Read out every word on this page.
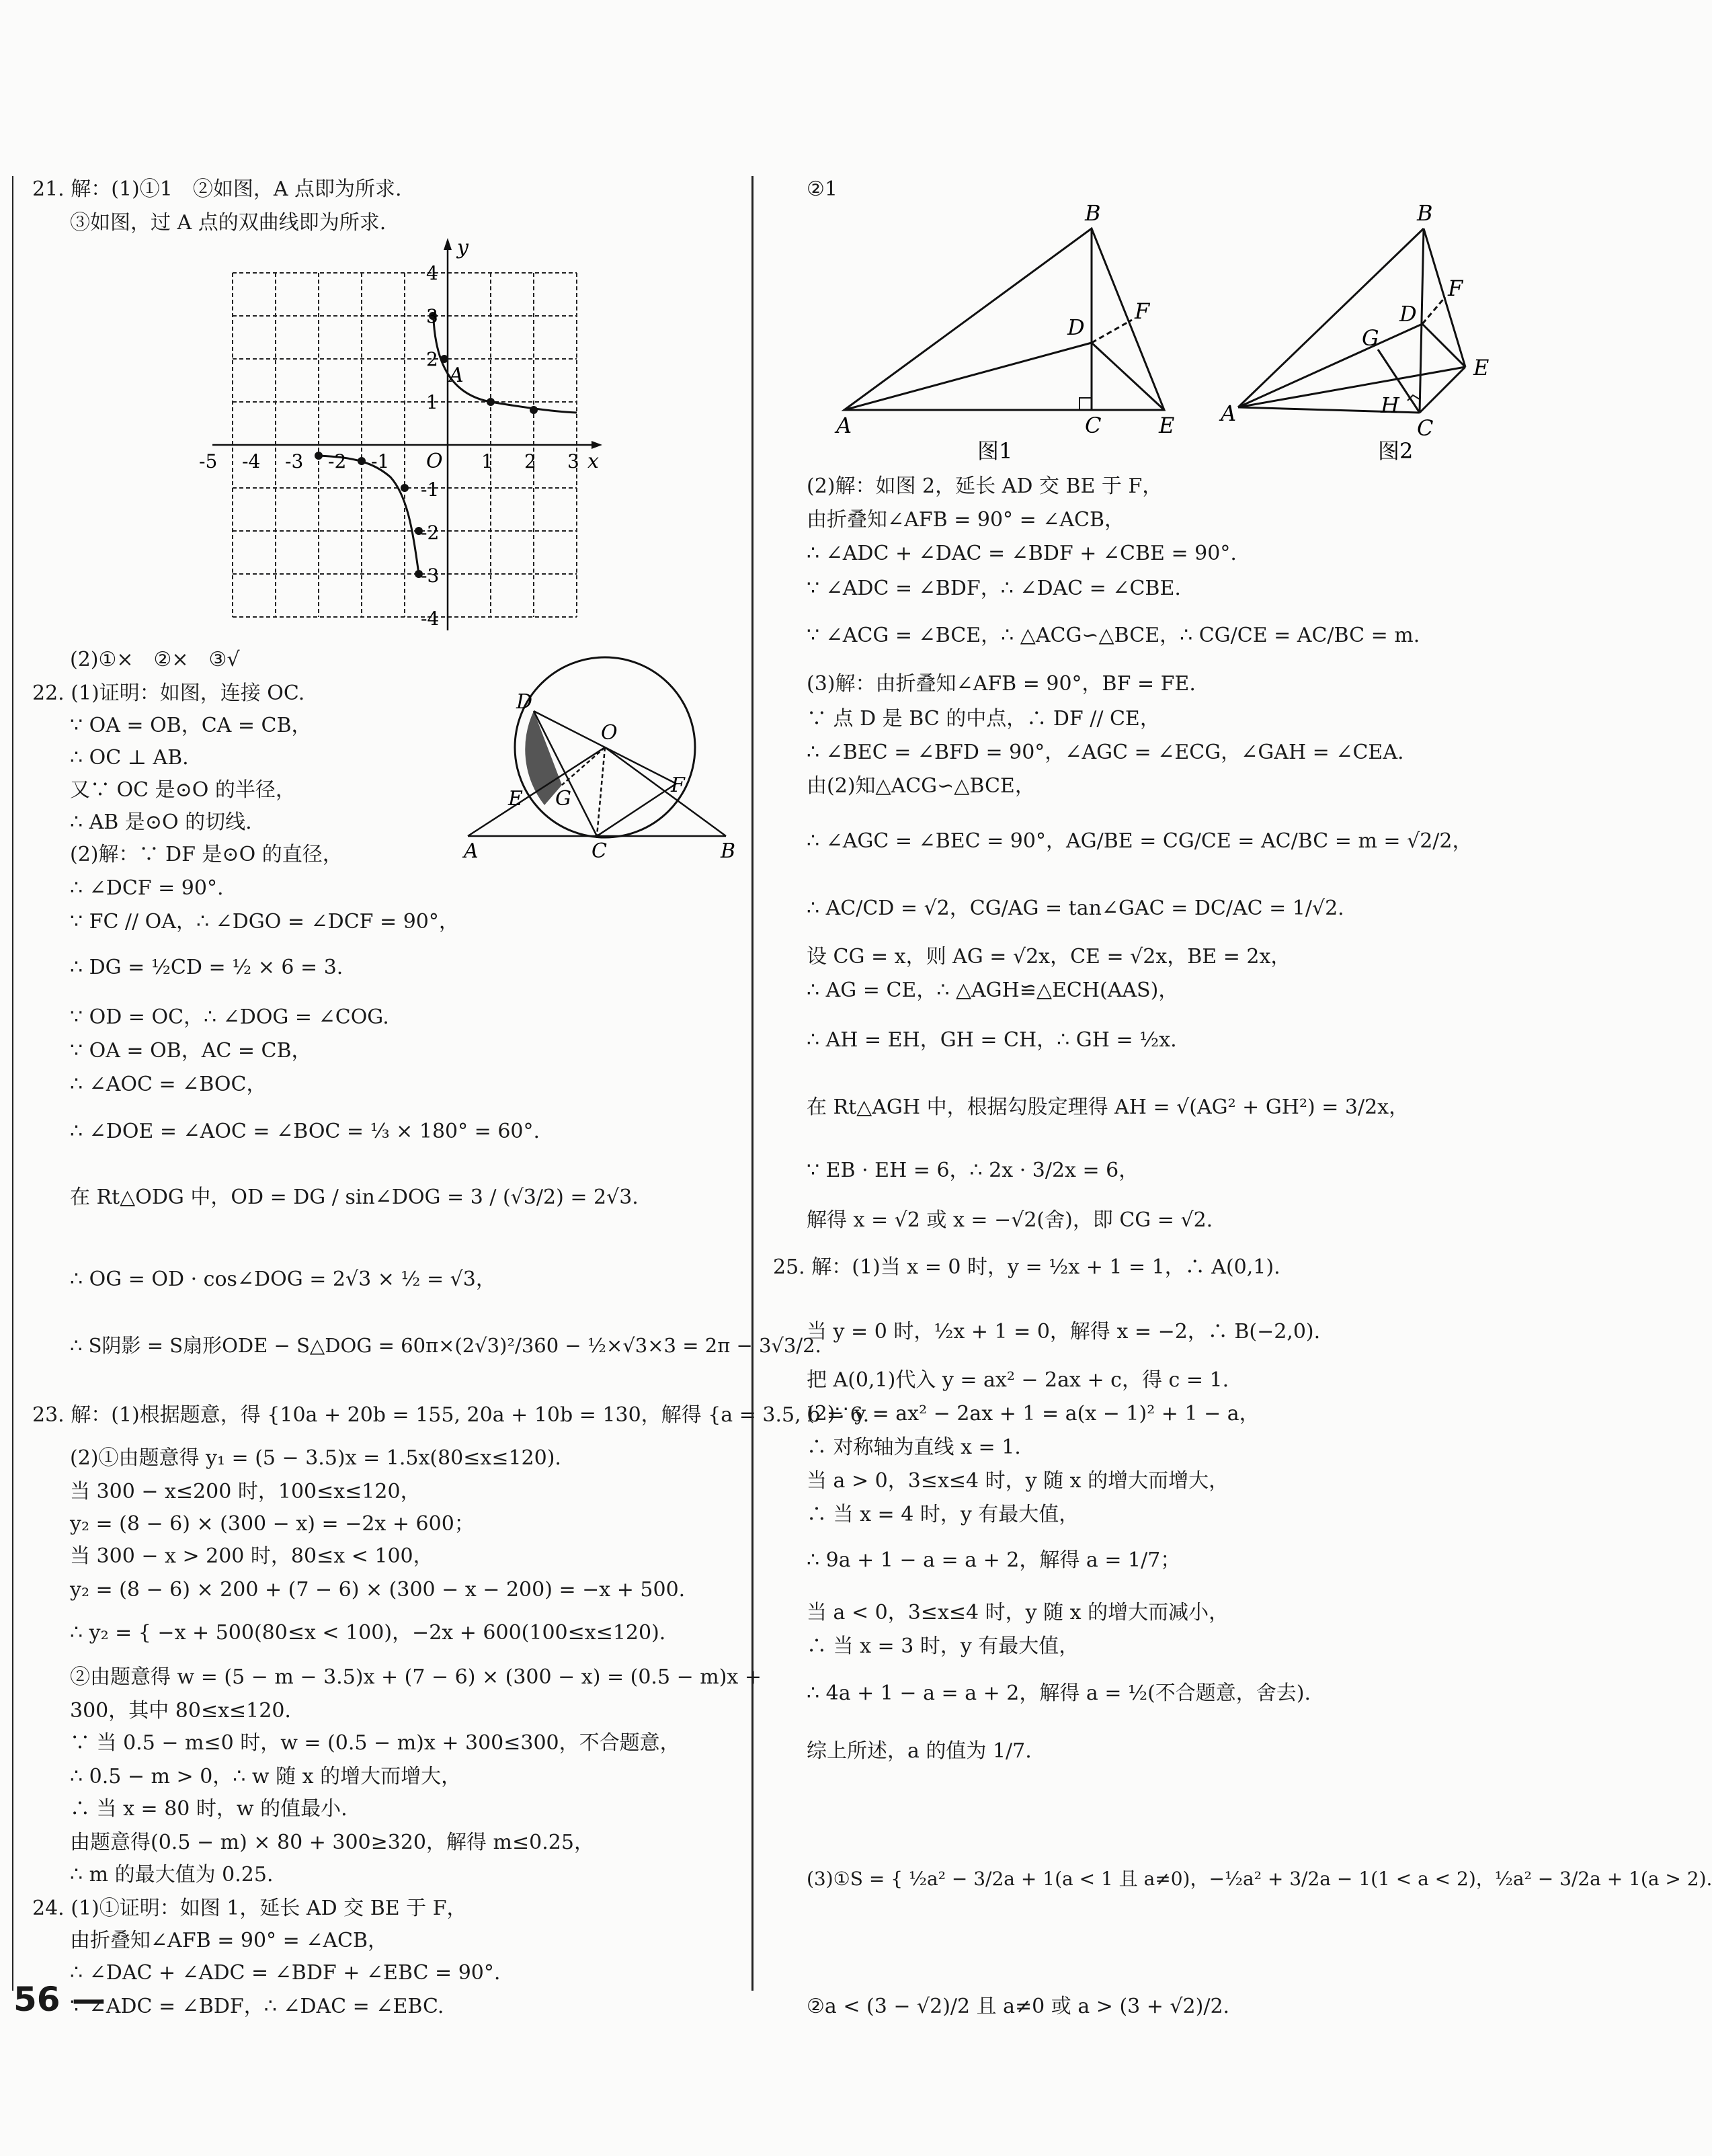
21. 解：(1)①1　②如图，A 点即为所求.
③如图，过 A 点的双曲线即为所求.
y
x
O
A
-5 -4 -3 -2 -1	1 2 3
4
3
2
1
-1
-2
-3
-4
(2)①×　②×　③√
22. (1)证明：如图，连接 OC.
∵ OA = OB，CA = CB，
∴ OC ⊥ AB.
又∵ OC 是⊙O 的半径，
∴ AB 是⊙O 的切线.
(2)解：∵ DF 是⊙O 的直径，
∴ ∠DCF = 90°.
∵ FC // OA，∴ ∠DGO = ∠DCF = 90°，
∴ DG = ½CD = ½ × 6 = 3.
∵ OD = OC，∴ ∠DOG = ∠COG.
∵ OA = OB，AC = CB，
∴ ∠AOC = ∠BOC，
∴ ∠DOE = ∠AOC = ∠BOC = ⅓ × 180° = 60°.
在 Rt△ODG 中，OD = DG / sin∠DOG = 3 / (√3/2) = 2√3.
∴ OG = OD · cos∠DOG = 2√3 × ½ = √3，
∴ S阴影 = S扇形ODE − S△DOG = 60π×(2√3)²/360 − ½×√3×3 = 2π − 3√3/2.
D
O
E G
F
A	C	B
23. 解：(1)根据题意，得 {10a + 20b = 155, 20a + 10b = 130，解得 {a = 3.5, b = 6.
(2)①由题意得 y₁ = (5 − 3.5)x = 1.5x(80≤x≤120).
当 300 − x≤200 时，100≤x≤120，
y₂ = (8 − 6) × (300 − x) = −2x + 600；
当 300 − x > 200 时，80≤x < 100，
y₂ = (8 − 6) × 200 + (7 − 6) × (300 − x − 200) = −x + 500.
∴ y₂ = { −x + 500(80≤x < 100)，−2x + 600(100≤x≤120).
②由题意得 w = (5 − m − 3.5)x + (7 − 6) × (300 − x) = (0.5 − m)x +
300，其中 80≤x≤120.
∵ 当 0.5 − m≤0 时，w = (0.5 − m)x + 300≤300，不合题意，
∴ 0.5 − m > 0，∴ w 随 x 的增大而增大，
∴ 当 x = 80 时，w 的值最小.
由题意得(0.5 − m) × 80 + 300≥320，解得 m≤0.25，
∴ m 的最大值为 0.25.
24. (1)①证明：如图 1，延长 AD 交 BE 于 F，
由折叠知∠AFB = 90° = ∠ACB，
∴ ∠DAC + ∠ADC = ∠BDF + ∠EBC = 90°.
∵ ∠ADC = ∠BDF，∴ ∠DAC = ∠EBC.
56 —
②1
B
D
F
A	C	E
图1
B
F
D
G
E
A	H
C
图2
(2)解：如图 2，延长 AD 交 BE 于 F，
由折叠知∠AFB = 90° = ∠ACB，
∴ ∠ADC + ∠DAC = ∠BDF + ∠CBE = 90°.
∵ ∠ADC = ∠BDF，∴ ∠DAC = ∠CBE.
∵ ∠ACG = ∠BCE，∴ △ACG∽△BCE，∴ CG/CE = AC/BC = m.
(3)解：由折叠知∠AFB = 90°，BF = FE.
∵ 点 D 是 BC 的中点，∴ DF // CE，
∴ ∠BEC = ∠BFD = 90°，∠AGC = ∠ECG，∠GAH = ∠CEA.
由(2)知△ACG∽△BCE，
∴ ∠AGC = ∠BEC = 90°，AG/BE = CG/CE = AC/BC = m = √2/2，
∴ AC/CD = √2，CG/AG = tan∠GAC = DC/AC = 1/√2.
设 CG = x，则 AG = √2x，CE = √2x，BE = 2x，
∴ AG = CE，∴ △AGH≌△ECH(AAS)，
∴ AH = EH，GH = CH，∴ GH = ½x.
在 Rt△AGH 中，根据勾股定理得 AH = √(AG² + GH²) = 3/2x，
∵ EB · EH = 6，∴ 2x · 3/2x = 6，
解得 x = √2 或 x = −√2(舍)，即 CG = √2.
25. 解：(1)当 x = 0 时，y = ½x + 1 = 1，∴ A(0,1).
当 y = 0 时，½x + 1 = 0，解得 x = −2，∴ B(−2,0).
把 A(0,1)代入 y = ax² − 2ax + c，得 c = 1.
(2)∵ y = ax² − 2ax + 1 = a(x − 1)² + 1 − a，
∴ 对称轴为直线 x = 1.
当 a > 0，3≤x≤4 时，y 随 x 的增大而增大，
∴ 当 x = 4 时，y 有最大值，
∴ 9a + 1 − a = a + 2，解得 a = 1/7；
当 a < 0，3≤x≤4 时，y 随 x 的增大而减小，
∴ 当 x = 3 时，y 有最大值，
∴ 4a + 1 − a = a + 2，解得 a = ½(不合题意，舍去).
综上所述，a 的值为 1/7.
(3)①S = { ½a² − 3/2a + 1(a < 1 且 a≠0)，−½a² + 3/2a − 1(1 < a < 2)，½a² − 3/2a + 1(a > 2).
②a < (3 − √2)/2 且 a≠0 或 a > (3 + √2)/2.
